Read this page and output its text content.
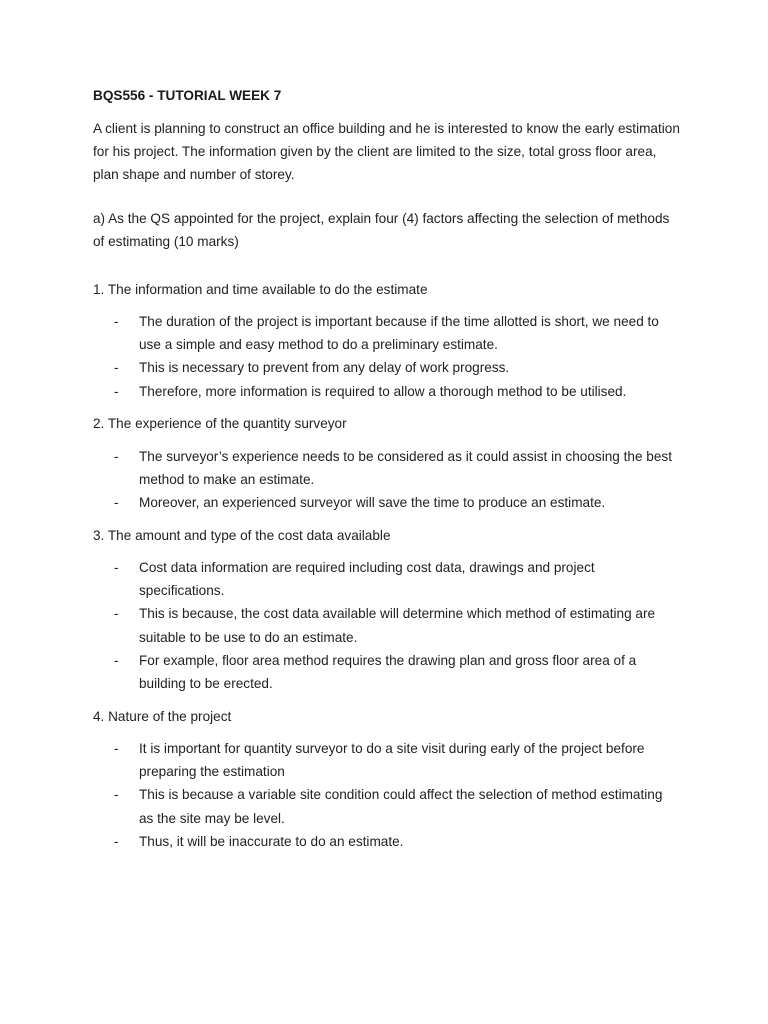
BQS556 - TUTORIAL WEEK 7

A client is planning to construct an office building and he is interested to know the early estimation for his project. The information given by the client are limited to the size, total gross floor area, plan shape and number of storey.

a) As the QS appointed for the project, explain four (4) factors affecting the selection of methods of estimating (10 marks)

1. The information and time available to do the estimate

- The duration of the project is important because if the time allotted is short, we need to use a simple and easy method to do a preliminary estimate.
- This is necessary to prevent from any delay of work progress.
- Therefore, more information is required to allow a thorough method to be utilised.

2. The experience of the quantity surveyor

- The surveyor’s experience needs to be considered as it could assist in choosing the best method to make an estimate.
- Moreover, an experienced surveyor will save the time to produce an estimate.

3. The amount and type of the cost data available

- Cost data information are required including cost data, drawings and project specifications.
- This is because, the cost data available will determine which method of estimating are suitable to be use to do an estimate.
- For example, floor area method requires the drawing plan and gross floor area of a building to be erected.

4. Nature of the project

- It is important for quantity surveyor to do a site visit during early of the project before preparing the estimation
- This is because a variable site condition could affect the selection of method estimating as the site may be level.
- Thus, it will be inaccurate to do an estimate.
